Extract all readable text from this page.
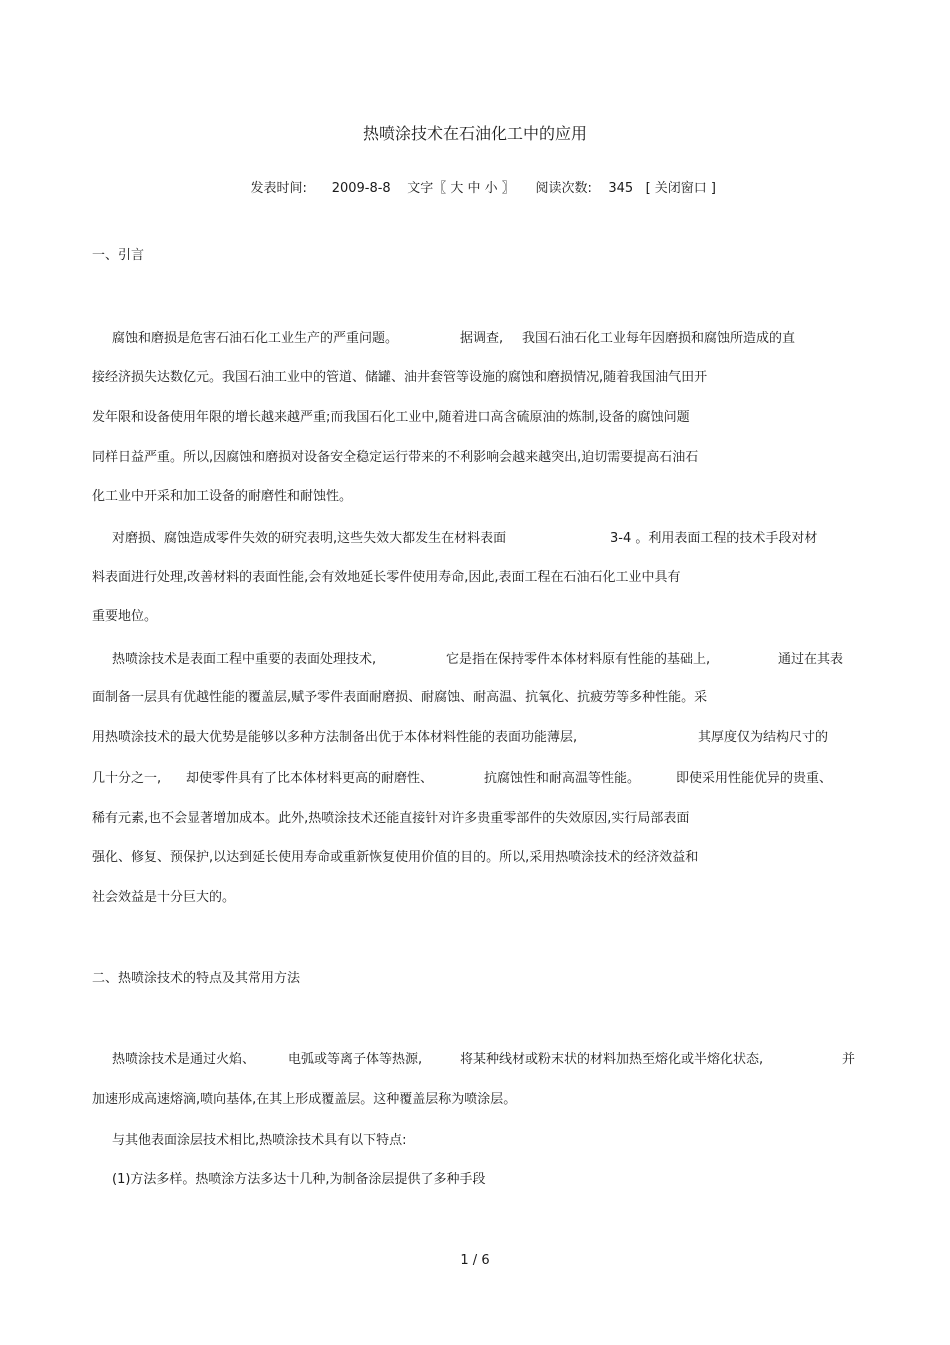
热喷涂技术在石油化工中的应用

发表时间: 2009-8-8 文字〖 大 中 小 〗 阅读次数: 345 [ 关闭窗口 ]

一、引言
腐蚀和磨损是危害石油石化工业生产的严重问题。	据调查, 我国石油石化工业每年因磨损和腐蚀所造成的直
接经济损失达数亿元。我国石油工业中的管道、储罐、油井套管等设施的腐蚀和磨损情况,随着我国油气田开
发年限和设备使用年限的增长越来越严重;而我国石化工业中,随着进口高含硫原油的炼制,设备的腐蚀问题
同样日益严重。所以,因腐蚀和磨损对设备安全稳定运行带来的不利影响会越来越突出,迫切需要提高石油石
化工业中开采和加工设备的耐磨性和耐蚀性。
对磨损、腐蚀造成零件失效的研究表明,这些失效大都发生在材料表面	3-4 。利用表面工程的技术手段对材
料表面进行处理,改善材料的表面性能,会有效地延长零件使用寿命,因此,表面工程在石油石化工业中具有
重要地位。
热喷涂技术是表面工程中重要的表面处理技术,	它是指在保持零件本体材料原有性能的基础上,	通过在其表
面制备一层具有优越性能的覆盖层,赋予零件表面耐磨损、耐腐蚀、耐高温、抗氧化、抗疲劳等多种性能。采
用热喷涂技术的最大优势是能够以多种方法制备出优于本体材料性能的表面功能薄层,	其厚度仅为结构尺寸的
几十分之一, 却使零件具有了比本体材料更高的耐磨性、	抗腐蚀性和耐高温等性能。	即使采用性能优异的贵重、
稀有元素,也不会显著增加成本。此外,热喷涂技术还能直接针对许多贵重零部件的失效原因,实行局部表面
强化、修复、预保护,以达到延长使用寿命或重新恢复使用价值的目的。所以,采用热喷涂技术的经济效益和
社会效益是十分巨大的。
二、热喷涂技术的特点及其常用方法
热喷涂技术是通过火焰、	电弧或等离子体等热源,	将某种线材或粉末状的材料加热至熔化或半熔化状态,	并
加速形成高速熔滴,喷向基体,在其上形成覆盖层。这种覆盖层称为喷涂层。
与其他表面涂层技术相比,热喷涂技术具有以下特点:
(1)方法多样。热喷涂方法多达十几种,为制备涂层提供了多种手段
1 / 6
